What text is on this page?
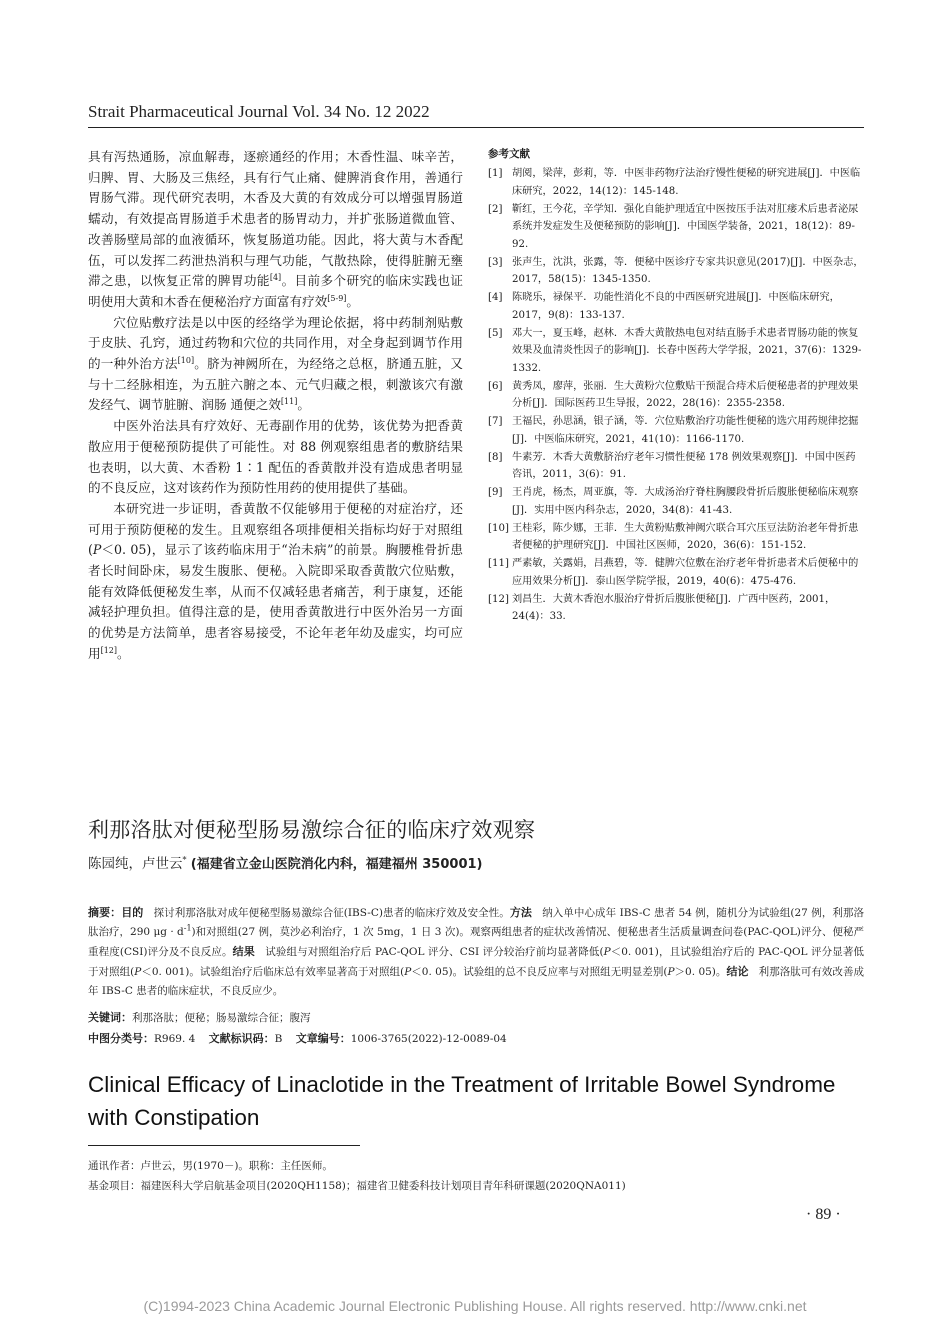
Strait Pharmaceutical Journal Vol. 34 No. 12 2022

具有泻热通肠，凉血解毒，逐瘀通经的作用；木香性温、味辛苦，归脾、胃、大肠及三焦经，具有行气止痛、健脾消食作用，善通行胃肠气滞。现代研究表明，木香及大黄的有效成分可以增强胃肠道蠕动，有效提高胃肠道手术患者的肠胃动力，并扩张肠道微血管、改善肠壁局部的血液循环，恢复肠道功能。因此，将大黄与木香配伍，可以发挥二药泄热消积与理气功能，气散热除，使得脏腑无壅滞之患，以恢复正常的脾胃功能[4]。目前多个研究的临床实践也证明使用大黄和木香在便秘治疗方面富有疗效[5-9]。

穴位贴敷疗法是以中医的经络学为理论依据，将中药制剂贴敷于皮肤、孔窍，通过药物和穴位的共同作用，对全身起到调节作用的一种外治方法[10]。脐为神阙所在，为经络之总枢，脐通五脏，又与十二经脉相连，为五脏六腑之本、元气归藏之根，刺激该穴有激发经气、调节脏腑、润肠 通便之效[11]。

中医外治法具有疗效好、无毒副作用的优势，该优势为把香黄散应用于便秘预防提供了可能性。对 88 例观察组患者的敷脐结果也表明，以大黄、木香粉 1∶1 配伍的香黄散并没有造成患者明显的不良反应，这对该药作为预防性用药的使用提供了基础。

本研究进一步证明，香黄散不仅能够用于便秘的对症治疗，还可用于预防便秘的发生。且观察组各项排便相关指标均好于对照组(P＜0. 05)，显示了该药临床用于“治未病”的前景。胸腰椎骨折患者长时间卧床，易发生腹胀、便秘。入院即采取香黄散穴位贴敷，能有效降低便秘发生率，从而不仅减轻患者痛苦，利于康复，还能减轻护理负担。值得注意的是，使用香黄散进行中医外治另一方面的优势是方法简单，患者容易接受，不论年老年幼及虚实，均可应用[12]。

参考文献
[1] 胡阅，梁萍，彭莉，等．中医非药物疗法治疗慢性便秘的研究进展[J]．中医临床研究，2022，14(12)：145-148.
[2] 靳红，王今花，辛学知．强化自能护理适宜中医按压手法对肛瘘术后患者泌尿系统并发症发生及便秘预防的影响[J]．中国医学装备，2021，18(12)：89-92.
[3] 张声生，沈洪，张露，等．便秘中医诊疗专家共识意见(2017)[J]．中医杂志，2017，58(15)：1345-1350.
[4] 陈晓乐，禄保平．功能性消化不良的中西医研究进展[J]．中医临床研究，2017，9(8)：133-137.
[5] 邓大一，夏玉峰，赵林．木香大黄散热电包对结直肠手术患者胃肠功能的恢复效果及血清炎性因子的影响[J]．长春中医药大学学报，2021，37(6)：1329-1332.
[6] 黄秀凤，廖萍，张丽．生大黄粉穴位敷贴干预混合痔术后便秘患者的护理效果分析[J]．国际医药卫生导报，2022，28(16)：2355-2358.
[7] 王福民，孙思涵，银子涵，等．穴位贴敷治疗功能性便秘的选穴用药规律挖掘[J]．中医临床研究，2021，41(10)：1166-1170.
[8] 牛素芳．木香大黄敷脐治疗老年习惯性便秘 178 例效果观察[J]．中国中医药咨讯，2011，3(6)：91.
[9] 王肖虎，杨杰，周亚旗，等．大成汤治疗脊柱胸腰段骨折后腹胀便秘临床观察[J]．实用中医内科杂志，2020，34(8)：41-43.
[10] 王桂彩，陈少娜，王菲．生大黄粉贴敷神阙穴联合耳穴压豆法防治老年骨折患者便秘的护理研究[J]．中国社区医师，2020，36(6)：151-152.
[11] 严素敏，关露娟，吕燕碧，等．健脾穴位敷在治疗老年骨折患者术后便秘中的应用效果分析[J]．泰山医学院学报，2019，40(6)：475-476.
[12] 刘昌生．大黄木香泡水服治疗骨折后腹胀便秘[J]．广西中医药，2001，24(4)：33.
利那洛肽对便秘型肠易激综合征的临床疗效观察
陈园纯，卢世云* (福建省立金山医院消化内科，福建福州 350001)

摘要：目的 探讨利那洛肽对成年便秘型肠易激综合征(IBS-C)患者的临床疗效及安全性。方法 纳入单中心成年 IBS-C 患者 54 例，随机分为试验组(27 例，利那洛肽治疗，290 $\mu g \cdot d^{-1}$)和对照组(27 例，莫沙必利治疗，1 次 5mg，1 日 3 次)。观察两组患者的症状改善情况、便秘患者生活质量调查问卷(PAC-QOL)评分、便秘严重程度(CSI)评分及不良反应。结果 试验组与对照组治疗后 PAC-QOL 评分、CSI 评分较治疗前均显著降低(P＜0. 001)，且试验组治疗后的 PAC-QOL 评分显著低于对照组(P＜0. 001)。试验组治疗后临床总有效率显著高于对照组(P＜0. 05)。试验组的总不良反应率与对照组无明显差别(P＞0. 05)。结论 利那洛肽可有效改善成年 IBS-C 患者的临床症状，不良反应少。

关键词：利那洛肽；便秘；肠易激综合征；腹泻
中图分类号：R969. 4 文献标识码：B 文章编号：1006-3765(2022)-12-0089-04
Clinical Efficacy of Linaclotide in the Treatment of Irritable Bowel Syndrome with Constipation
通讯作者：卢世云，男(1970－)。职称：主任医师。
基金项目：福建医科大学启航基金项目(2020QH1158)；福建省卫健委科技计划项目青年科研课题(2020QNA011)
· 89 ·
(C)1994-2023 China Academic Journal Electronic Publishing House. All rights reserved. http://www.cnki.net
